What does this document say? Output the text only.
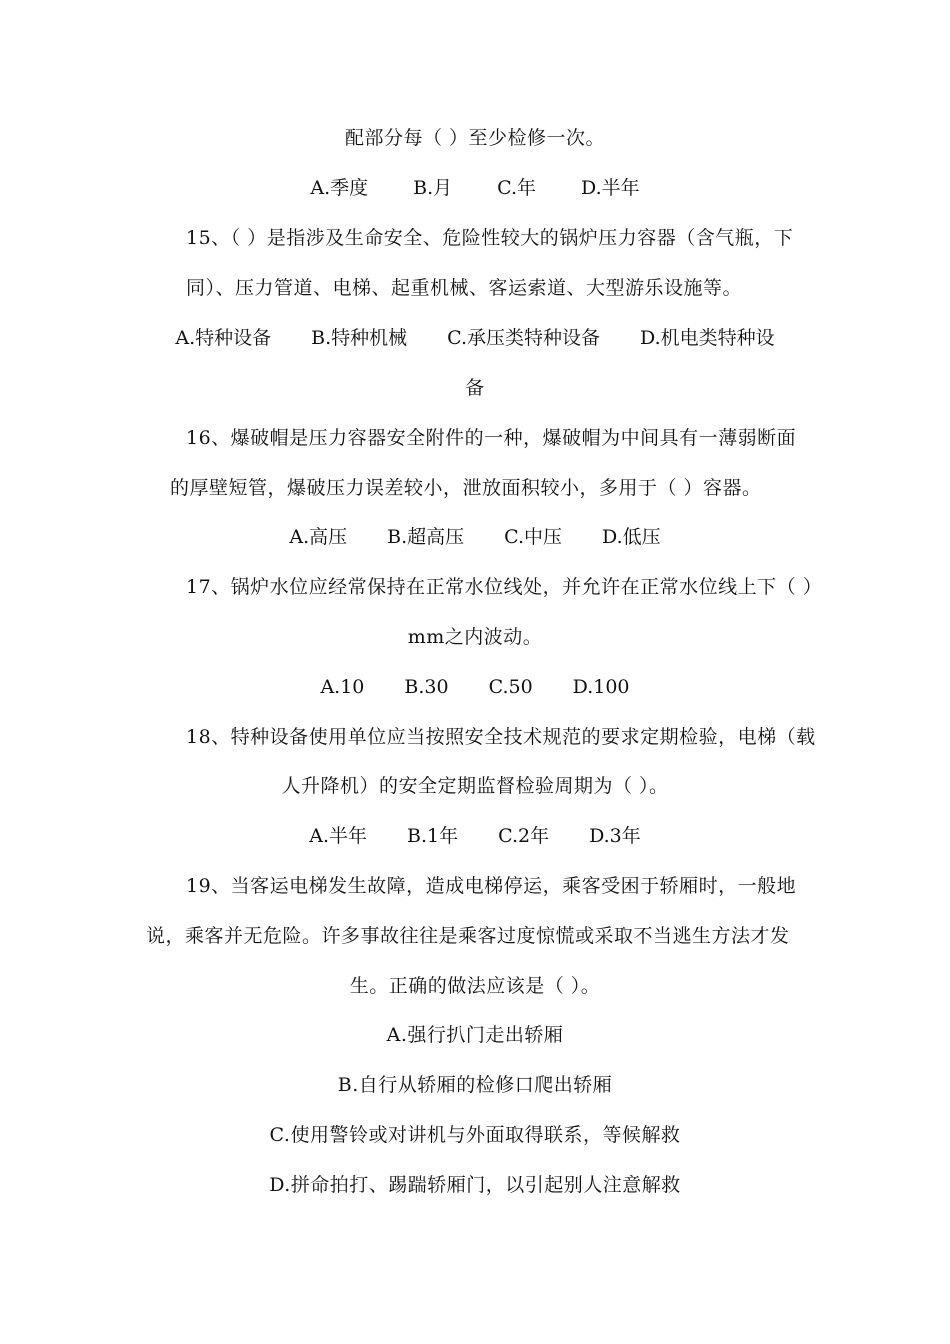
配部分每（ ）至少检修一次。
A.季度 B.月 C.年 D.半年
15、（ ）是指涉及生命安全、危险性较大的锅炉压力容器（含气瓶，下
同）、压力管道、电梯、起重机械、客运索道、大型游乐设施等。
A.特种设备 B.特种机械 C.承压类特种设备 D.机电类特种设
备
16、爆破帽是压力容器安全附件的一种，爆破帽为中间具有一薄弱断面
的厚壁短管，爆破压力误差较小，泄放面积较小，多用于（ ）容器。
A.高压 B.超高压 C.中压 D.低压
17、锅炉水位应经常保持在正常水位线处，并允许在正常水位线上下（ ）
mm之内波动。
A.10 B.30 C.50 D.100
18、特种设备使用单位应当按照安全技术规范的要求定期检验，电梯（载
人升降机）的安全定期监督检验周期为（ ）。
A.半年 B.1年 C.2年 D.3年
19、当客运电梯发生故障，造成电梯停运，乘客受困于轿厢时，一般地
说，乘客并无危险。许多事故往往是乘客过度惊慌或采取不当逃生方法才发
生。正确的做法应该是（ ）。
A.强行扒门走出轿厢
B.自行从轿厢的检修口爬出轿厢
C.使用警铃或对讲机与外面取得联系，等候解救
D.拼命拍打、踢踹轿厢门，以引起别人注意解救
